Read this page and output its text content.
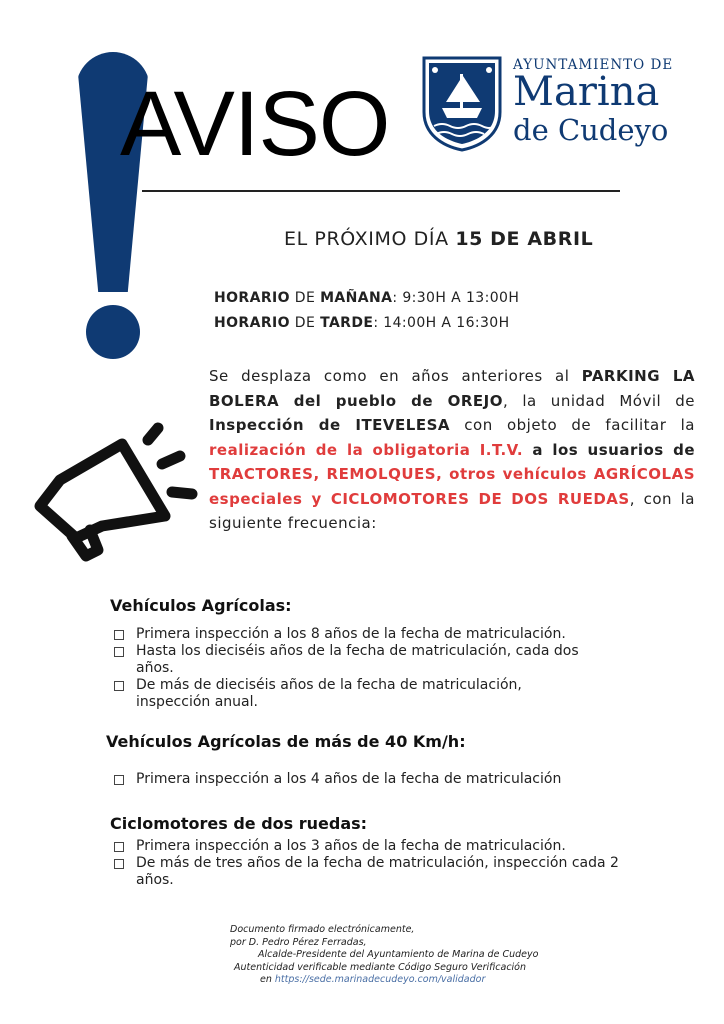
AVISO
AYUNTAMIENTO DE
Marina
de Cudeyo
EL PRÓXIMO DÍA 15 DE ABRIL
HORARIO DE MAÑANA: 9:30H A 13:00H
HORARIO DE TARDE: 14:00H A 16:30H
Se desplaza como en años anteriores al PARKING LA BOLERA del pueblo de OREJO, la unidad Móvil de Inspección de ITEVELESA con objeto de facilitar la realización de la obligatoria I.T.V. a los usuarios de TRACTORES, REMOLQUES, otros vehículos AGRÍCOLAS especiales y CICLOMOTORES DE DOS RUEDAS, con la siguiente frecuencia:
Vehículos Agrícolas:
Primera inspección a los 8 años de la fecha de matriculación.
Hasta los dieciséis años de la fecha de matriculación, cada dos años.
De más de dieciséis años de la fecha de matriculación, inspección anual.
Vehículos Agrícolas de más de 40 Km/h:
Primera inspección a los 4 años de la fecha de matriculación
Ciclomotores de dos ruedas:
Primera inspección a los 3 años de la fecha de matriculación.
De más de tres años de la fecha de matriculación, inspección cada 2 años.
Documento firmado electrónicamente,
por D. Pedro Pérez Ferradas,
Alcalde-Presidente del Ayuntamiento de Marina de Cudeyo
Autenticidad verificable mediante Código Seguro Verificación
en https://sede.marinadecudeyo.com/validador
